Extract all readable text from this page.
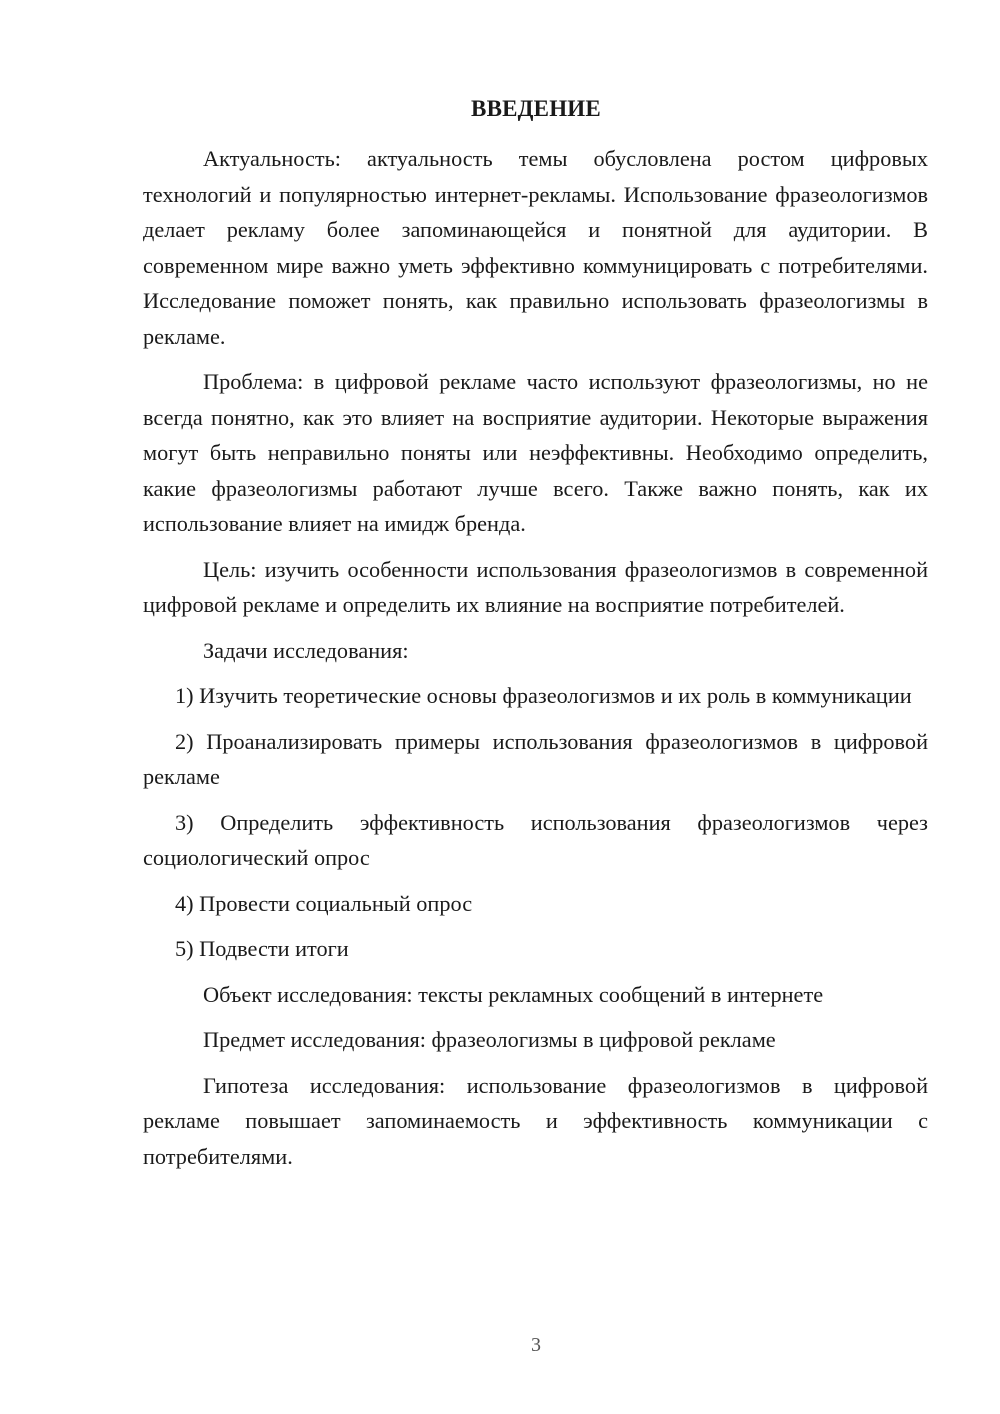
ВВЕДЕНИЕ

Актуальность: актуальность темы обусловлена ростом цифровых технологий и популярностью интернет-рекламы. Использование фразеологизмов делает рекламу более запоминающейся и понятной для аудитории. В современном мире важно уметь эффективно коммуницировать с потребителями. Исследование поможет понять, как правильно использовать фразеологизмы в рекламе.

Проблема: в цифровой рекламе часто используют фразеологизмы, но не всегда понятно, как это влияет на восприятие аудитории. Некоторые выражения могут быть неправильно поняты или неэффективны. Необходимо определить, какие фразеологизмы работают лучше всего. Также важно понять, как их использование влияет на имидж бренда.

Цель: изучить особенности использования фразеологизмов в современной цифровой рекламе и определить их влияние на восприятие потребителей.

Задачи исследования:

1) Изучить теоретические основы фразеологизмов и их роль в коммуникации

2) Проанализировать примеры использования фразеологизмов в цифровой рекламе

3) Определить эффективность использования фразеологизмов через социологический опрос

4) Провести социальный опрос

5) Подвести итоги

Объект исследования: тексты рекламных сообщений в интернете

Предмет исследования: фразеологизмы в цифровой рекламе

Гипотеза исследования: использование фразеологизмов в цифровой рекламе повышает запоминаемость и эффективность коммуникации с потребителями.

3
